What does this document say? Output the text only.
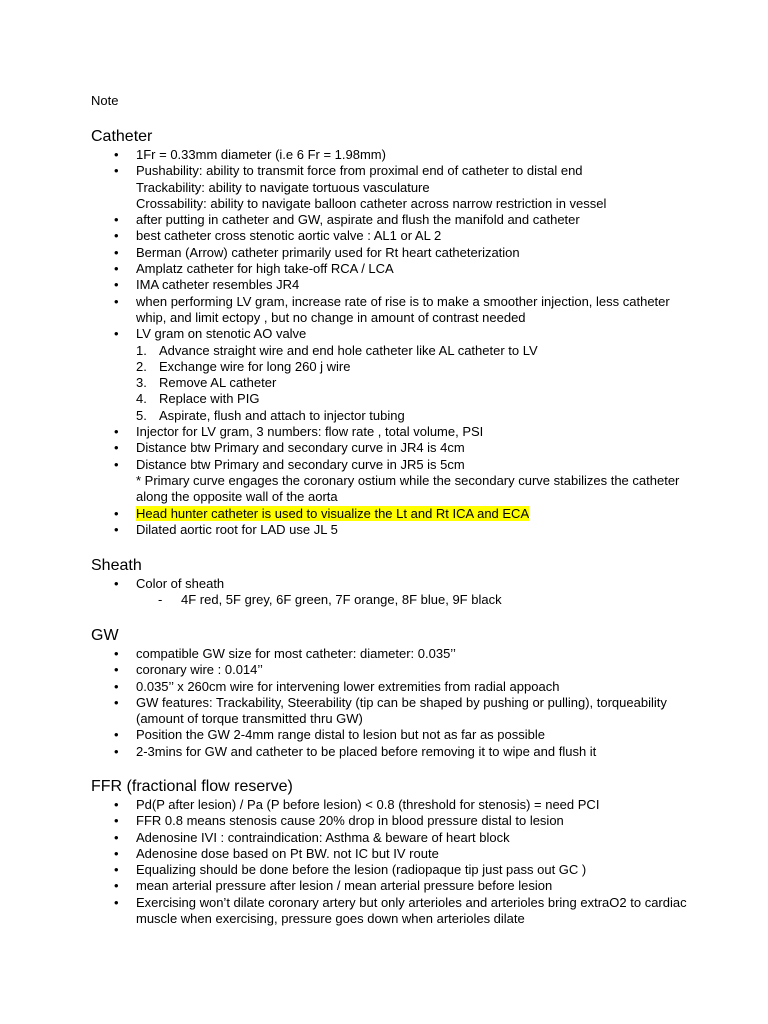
Note
Catheter
• 1Fr = 0.33mm diameter (i.e 6 Fr = 1.98mm)
• Pushability: ability to transmit force from proximal end of catheter to distal end
Trackability: ability to navigate tortuous vasculature
Crossability: ability to navigate balloon catheter across narrow restriction in vessel
• after putting in catheter and GW, aspirate and flush the manifold and catheter
• best catheter cross stenotic aortic valve : AL1 or AL 2
• Berman (Arrow) catheter primarily used for Rt heart catheterization
• Amplatz catheter for high take-off RCA / LCA
• IMA catheter resembles JR4
• when performing LV gram, increase rate of rise is to make a smoother injection, less catheter whip, and limit ectopy , but no change in amount of contrast needed
• LV gram on stenotic AO valve
1. Advance straight wire and end hole catheter like AL catheter to LV
2. Exchange wire for long 260 j wire
3. Remove AL catheter
4. Replace with PIG
5. Aspirate, flush and attach to injector tubing
• Injector for LV gram, 3 numbers: flow rate , total volume, PSI
• Distance btw Primary and secondary curve in JR4 is 4cm
• Distance btw Primary and secondary curve in JR5 is 5cm
* Primary curve engages the coronary ostium while the secondary curve stabilizes the catheter along the opposite wall of the aorta
• Head hunter catheter is used to visualize the Lt and Rt ICA and ECA
• Dilated aortic root for LAD use JL 5
Sheath
• Color of sheath
- 4F red, 5F grey, 6F green, 7F orange, 8F blue, 9F black
GW
• compatible GW size for most catheter: diameter: 0.035’’
• coronary wire : 0.014’’
• 0.035’’ x 260cm wire for intervening lower extremities from radial appoach
• GW features: Trackability, Steerability (tip can be shaped by pushing or pulling), torqueability (amount of torque transmitted thru GW)
• Position the GW 2-4mm range distal to lesion but not as far as possible
• 2-3mins for GW and catheter to be placed before removing it to wipe and flush it
FFR (fractional flow reserve)
• Pd(P after lesion) / Pa (P before lesion) < 0.8 (threshold for stenosis) = need PCI
• FFR 0.8 means stenosis cause 20% drop in blood pressure distal to lesion
• Adenosine IVI : contraindication: Asthma & beware of heart block
• Adenosine dose based on Pt BW. not IC but IV route
• Equalizing should be done before the lesion (radiopaque tip just pass out GC )
• mean arterial pressure after lesion / mean arterial pressure before lesion
• Exercising won’t dilate coronary artery but only arterioles and arterioles bring extraO2 to cardiac muscle when exercising, pressure goes down when arterioles dilate
